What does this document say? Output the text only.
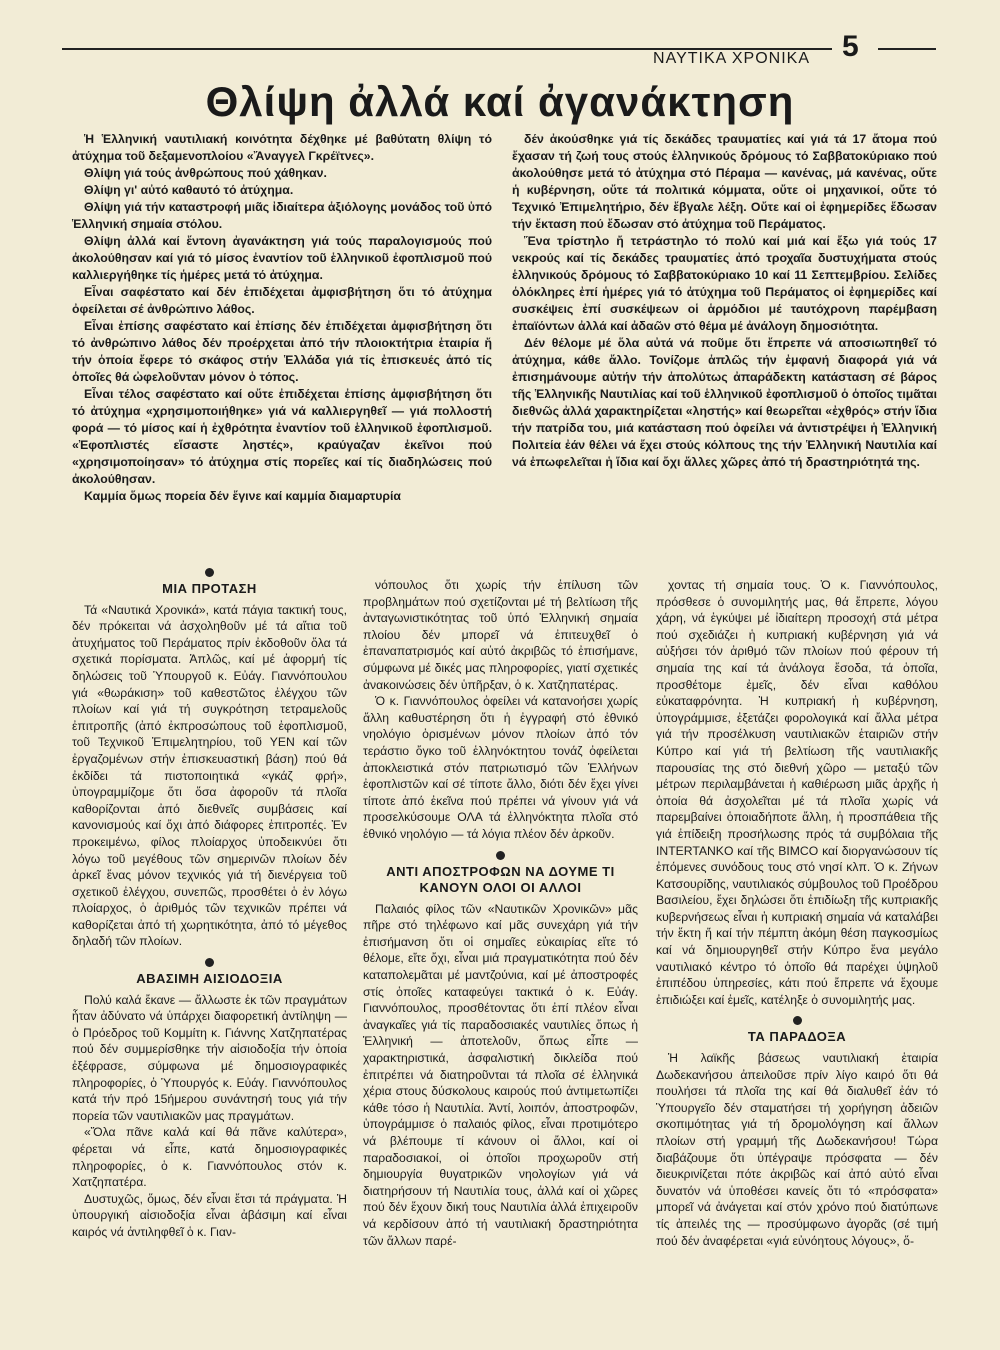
ΝΑΥΤΙΚΑ ΧΡΟΝΙΚΑ 5
Θλίψη ἀλλά καί ἀγανάκτηση

Ἡ Ἑλληνική ναυτιλιακή κοινότητα δέχθηκε μέ βαθύτατη θλίψη τό ἀτύχημα τοῦ δεξαμενοπλοίου «Ἄναγγελ Γκρέϊτνες».

Θλίψη γιά τούς ἀνθρώπους πού χάθηκαν.

Θλίψη γι' αὐτό καθαυτό τό ἀτύχημα.

Θλίψη γιά τήν καταστροφή μιᾶς ἰδιαίτερα ἀξιόλογης μονάδος τοῦ ὑπό Ἑλληνική σημαία στόλου.

Θλίψη ἀλλά καί ἔντονη ἀγανάκτηση γιά τούς παραλογισμούς πού ἀκολούθησαν καί γιά τό μίσος ἐναντίον τοῦ ἑλληνικοῦ ἐφοπλισμοῦ πού καλλιεργήθηκε τίς ἡμέρες μετά τό ἀτύχημα.

Εἶναι σαφέστατο καί δέν ἐπιδέχεται ἀμφισβήτηση ὅτι τό ἀτύχημα ὀφείλεται σέ ἀνθρώπινο λάθος.

Εἶναι ἐπίσης σαφέστατο καί ἐπίσης δέν ἐπιδέχεται ἀμφισβήτηση ὅτι τό ἀνθρώπινο λάθος δέν προέρχεται ἀπό τήν πλοιοκτήτρια ἑταιρία ἤ τήν ὁποία ἔφερε τό σκάφος στήν Ἑλλάδα γιά τίς ἐπισκευές ἀπό τίς ὁποῖες θά ὠφελοῦνταν μόνον ὁ τόπος.

Εἶναι τέλος σαφέστατο καί οὔτε ἐπιδέχεται ἐπίσης ἀμφισβήτηση ὅτι τό ἀτύχημα «χρησιμοποιήθηκε» γιά νά καλλιεργηθεῖ — γιά πολλοστή φορά — τό μίσος καί ἡ ἐχθρότητα ἐναντίον τοῦ ἑλληνικοῦ ἐφοπλισμοῦ. «Ἐφοπλιστές εἴσαστε ληστές», κραύγαζαν ἐκεῖνοι πού «χρησιμοποίησαν» τό ἀτύχημα στίς πορεῖες καί τίς διαδηλώσεις πού ἀκολούθησαν.

Καμμία ὅμως πορεία δέν ἔγινε καί καμμία διαμαρτυρία

δέν ἀκούσθηκε γιά τίς δεκάδες τραυματίες καί γιά τά 17 ἄτομα πού ἔχασαν τή ζωή τους στούς ἑλληνικούς δρόμους τό Σαββατοκύριακο πού ἀκολούθησε μετά τό ἀτύχημα στό Πέραμα — κανένας, μά κανένας, οὔτε ἡ κυβέρνηση, οὔτε τά πολιτικά κόμματα, οὔτε οἱ μηχανικοί, οὔτε τό Τεχνικό Ἐπιμελητήριο, δέν ἔβγαλε λέξη. Οὔτε καί οἱ ἐφημερίδες ἔδωσαν τήν ἔκταση πού ἔδωσαν στό ἀτύχημα τοῦ Περάματος.

Ἕνα τρίστηλο ἤ τετράστηλο τό πολύ καί μιά καί ἔξω γιά τούς 17 νεκρούς καί τίς δεκάδες τραυματίες ἀπό τροχαῖα δυστυχήματα στούς ἑλληνικούς δρόμους τό Σαββατοκύριακο 10 καί 11 Σεπτεμβρίου. Σελίδες ὁλόκληρες ἐπί ἡμέρες γιά τό ἀτύχημα τοῦ Περάματος οἱ ἐφημερίδες καί συσκέψεις ἐπί συσκέψεων οἱ ἁρμόδιοι μέ ταυτόχρονη παρέμβαση ἐπαϊόντων ἀλλά καί ἀδαῶν στό θέμα μέ ἀνάλογη δημοσιότητα.

Δέν θέλομε μέ ὅλα αὐτά νά ποῦμε ὅτι ἔπρεπε νά αποσιωπηθεῖ τό ἀτύχημα, κάθε ἄλλο. Τονίζομε ἁπλῶς τήν ἐμφανή διαφορά γιά νά ἐπισημάνουμε αὐτήν τήν ἀπολύτως ἀπαράδεκτη κατάσταση σέ βάρος τῆς Ἑλληνικῆς Ναυτιλίας καί τοῦ ἑλληνικοῦ ἐφοπλισμοῦ ὁ ὁποῖος τιμᾶται διεθνῶς ἀλλά χαρακτηρίζεται «ληστής» καί θεωρεῖται «ἐχθρός» στήν ἴδια τήν πατρίδα του, μιά κατάσταση πού ὀφείλει νά ἀντιστρέψει ἡ Ἑλληνική Πολιτεία ἐάν θέλει νά ἔχει στούς κόλπους της τήν Ἑλληνική Ναυτιλία καί νά ἐπωφελεῖται ἡ ἴδια καί ὄχι ἄλλες χῶρες ἀπό τή δραστηριότητά της.

ΜΙΑ ΠΡΟΤΑΣΗ

Τά «Ναυτικά Χρονικά», κατά πάγια τακτική τους, δέν πρόκειται νά ἀσχοληθοῦν μέ τά αἴτια τοῦ ἀτυχήματος τοῦ Περάματος πρίν ἐκδοθοῦν ὅλα τά σχετικά πορίσματα. Ἁπλῶς, καί μέ ἀφορμή τίς δηλώσεις τοῦ Ὑπουργοῦ κ. Εὐάγ. Γιαννόπουλου γιά «θωράκιση» τοῦ καθεστῶτος ἐλέγχου τῶν πλοίων καί γιά τή συγκρότηση τετραμελοῦς ἐπιτροπῆς (ἀπό ἐκπροσώπους τοῦ ἐφοπλισμοῦ, τοῦ Τεχνικοῦ Ἐπιμελητηρίου, τοῦ ΥΕΝ καί τῶν ἐργαζομένων στήν ἐπισκευαστική βάση) πού θά ἐκδίδει τά πιστοποιητικά «γκάζ φρή», ὑπογραμμίζομε ὅτι ὅσα ἀφοροῦν τά πλοῖα καθορίζονται ἀπό διεθνεῖς συμβάσεις καί κανονισμούς καί ὄχι ἀπό διάφορες ἐπιτροπές. Ἐν προκειμένω, φίλος πλοίαρχος ὑποδεικνύει ὅτι λόγω τοῦ μεγέθους τῶν σημερινῶν πλοίων δέν ἀρκεῖ ἕνας μόνον τεχνικός γιά τή διενέργεια τοῦ σχετικοῦ ἐλέγχου, συνεπῶς, προσθέτει ὁ ἐν λόγω πλοίαρχος, ὁ ἀριθμός τῶν τεχνικῶν πρέπει νά καθορίζεται ἀπό τή χωρητικότητα, ἀπό τό μέγεθος δηλαδή τῶν πλοίων.

ΑΒΑΣΙΜΗ ΑΙΣΙΟΔΟΞΙΑ

Πολύ καλά ἔκανε — ἄλλωστε ἐκ τῶν πραγμάτων ἦταν ἀδύνατο νά ὑπάρχει διαφορετική ἀντίληψη — ὁ Πρόεδρος τοῦ Κομμίτη κ. Γιάννης Χατζηπατέρας πού δέν συμμερίσθηκε τήν αἰσιοδοξία τήν ὁποία ἐξέφρασε, σύμφωνα μέ δημοσιογραφικές πληροφορίες, ὁ Ὑπουργός κ. Εὐάγ. Γιαννόπουλος κατά τήν πρό 15ήμερου συνάντησή τους γιά τήν πορεία τῶν ναυτιλιακῶν μας πραγμάτων.

«Ὅλα πᾶνε καλά καί θά πᾶνε καλύτερα», φέρεται νά εἶπε, κατά δημοσιογραφικές πληροφορίες, ὁ κ. Γιαννόπουλος στόν κ. Χατζηπατέρα.

Δυστυχῶς, ὅμως, δέν εἶναι ἔτσι τά πράγματα. Ἡ ὑπουργική αἰσιοδοξία εἶναι ἀβάσιμη καί εἶναι καιρός νά ἀντιληφθεῖ ὁ κ. Γιαν-

νόπουλος ὅτι χωρίς τήν ἐπίλυση τῶν προβλημάτων πού σχετίζονται μέ τή βελτίωση τῆς ἀνταγωνιστικότητας τοῦ ὑπό Ἑλληνική σημαία πλοίου δέν μπορεῖ νά ἐπιτευχθεῖ ὁ ἐπαναπατρισμός καί αὐτό ἀκριβῶς τό ἐπισήμανε, σύμφωνα μέ δικές μας πληροφορίες, γιατί σχετικές ἀνακοινώσεις δέν ὑπῆρξαν, ὁ κ. Χατζηπατέρας.

Ὁ κ. Γιαννόπουλος ὀφείλει νά κατανοήσει χωρίς ἄλλη καθυστέρηση ὅτι ἡ ἐγγραφή στό ἐθνικό νηολόγιο ὁρισμένων μόνον πλοίων ἀπό τόν τεράστιο ὄγκο τοῦ ἑλληνόκτητου τονάζ ὀφείλεται ἀποκλειστικά στόν πατριωτισμό τῶν Ἑλλήνων ἐφοπλιστῶν καί σέ τίποτε ἄλλο, διότι δέν ἔχει γίνει τίποτε ἀπό ἐκεῖνα πού πρέπει νά γίνουν γιά νά προσελκύσουμε ΟΛΑ τά ἑλληνόκτητα πλοῖα στό ἐθνικό νηολόγιο — τά λόγια πλέον δέν ἀρκοῦν.

ΑΝΤΙ ΑΠΟΣΤΡΟΦΩΝ ΝΑ ΔΟΥΜΕ ΤΙ ΚΑΝΟΥΝ ΟΛΟΙ ΟΙ ΑΛΛΟΙ

Παλαιός φίλος τῶν «Ναυτικῶν Χρονικῶν» μᾶς πῆρε στό τηλέφωνο καί μᾶς συνεχάρη γιά τήν ἐπισήμανση ὅτι οἱ σημαῖες εὐκαιρίας εἴτε τό θέλομε, εἴτε ὄχι, εἶναι μιά πραγματικότητα πού δέν καταπολεμᾶται μέ μαντζούνια, καί μέ ἀποστροφές στίς ὁποῖες καταφεύγει τακτικά ὁ κ. Εὐάγ. Γιαννόπουλος, προσθέτοντας ὅτι ἐπί πλέον εἶναι ἀναγκαῖες γιά τίς παραδοσιακές ναυτιλίες ὅπως ἡ Ἑλληνική — ἀποτελοῦν, ὅπως εἶπε — χαρακτηριστικά, ἀσφαλιστική δικλείδα πού ἐπιτρέπει νά διατηροῦνται τά πλοῖα σέ ἑλληνικά χέρια στους δύσκολους καιρούς πού ἀντιμετωπίζει κάθε τόσο ἡ Ναυτιλία. Ἀντί, λοιπόν, ἀποστροφῶν, ὑπογράμμισε ὁ παλαιός φίλος, εἶναι προτιμότερο νά βλέπουμε τί κάνουν οἱ ἄλλοι, καί οἱ παραδοσιακοί, οἱ ὁποῖοι προχωροῦν στή δημιουργία θυγατρικῶν νηολογίων γιά νά διατηρήσουν τή Ναυτιλία τους, ἀλλά καί οἱ χῶρες πού δέν ἔχουν δική τους Ναυτιλία ἀλλά ἐπιχειροῦν νά κερδίσουν ἀπό τή ναυτιλιακή δραστηριότητα τῶν ἄλλων παρέ-

χοντας τή σημαία τους. Ὁ κ. Γιαννόπουλος, πρόσθεσε ὁ συνομιλητής μας, θά ἔπρεπε, λόγου χάρη, νά ἐγκύψει μέ ἰδιαίτερη προσοχή στά μέτρα πού σχεδιάζει ἡ κυπριακή κυβέρνηση γιά νά αὐξήσει τόν ἀριθμό τῶν πλοίων πού φέρουν τή σημαία της καί τά ἀνάλογα ἔσοδα, τά ὁποῖα, προσθέτομε ἐμεῖς, δέν εἶναι καθόλου εὐκαταφρόνητα. Ἡ κυπριακή ἡ κυβέρνηση, ὑπογράμμισε, ἐξετάζει φορολογικά καί ἄλλα μέτρα γιά τήν προσέλκυση ναυτιλιακῶν ἑταιριῶν στήν Κύπρο καί γιά τή βελτίωση τῆς ναυτιλιακῆς παρουσίας της στό διεθνή χῶρο — μεταξύ τῶν μέτρων περιλαμβάνεται ἡ καθιέρωση μιᾶς ἀρχῆς ἡ ὁποία θά ἀσχολεῖται μέ τά πλοῖα χωρίς νά παρεμβαίνει ὁποιαδήποτε ἄλλη, ἡ προσπάθεια τῆς γιά ἐπίδειξη προσήλωσης πρός τά συμβόλαια τῆς INTERTANKO καί τῆς BIMCO καί διοργανώσουν τίς ἐπόμενες συνόδους τους στό νησί κλπ. Ὁ κ. Ζήνων Κατσουρίδης, ναυτιλιακός σύμβουλος τοῦ Προέδρου Βασιλείου, ἔχει δηλώσει ὅτι ἐπιδίωξη τῆς κυπριακῆς κυβερνήσεως εἶναι ἡ κυπριακή σημαία νά καταλάβει τήν ἕκτη ἤ καί τήν πέμπτη ἀκόμη θέση παγκοσμίως καί νά δημιουργηθεῖ στήν Κύπρο ἕνα μεγάλο ναυτιλιακό κέντρο τό ὁποῖο θά παρέχει ὑψηλοῦ ἐπιπέδου ὑπηρεσίες, κάτι πού ἔπρεπε νά ἔχουμε ἐπιδιώξει καί ἐμεῖς, κατέληξε ὁ συνομιλητής μας.

ΤΑ ΠΑΡΑΔΟΞΑ

Ἡ λαϊκῆς βάσεως ναυτιλιακή ἑταιρία Δωδεκανήσου ἀπειλοῦσε πρίν λίγο καιρό ὅτι θά πουλήσει τά πλοῖα της καί θά διαλυθεῖ ἐάν τό Ὑπουργεῖο δέν σταματήσει τή χορήγηση ἀδειῶν σκοπιμότητας γιά τή δρομολόγηση καί ἄλλων πλοίων στή γραμμή τῆς Δωδεκανήσου! Τώρα διαβάζουμε ὅτι ὑπέγραψε πρόσφατα — δέν διευκρινίζεται πότε ἀκριβῶς καί ἀπό αὐτό εἶναι δυνατόν νά ὑποθέσει κανείς ὅτι τό «πρόσφατα» μπορεῖ νά ἀνάγεται καί στόν χρόνο πού διατύπωνε τίς ἀπειλές της — προσύμφωνο ἀγορᾶς (σέ τιμή πού δέν ἀναφέρεται «γιά εὐνόητους λόγους», ὅ-
